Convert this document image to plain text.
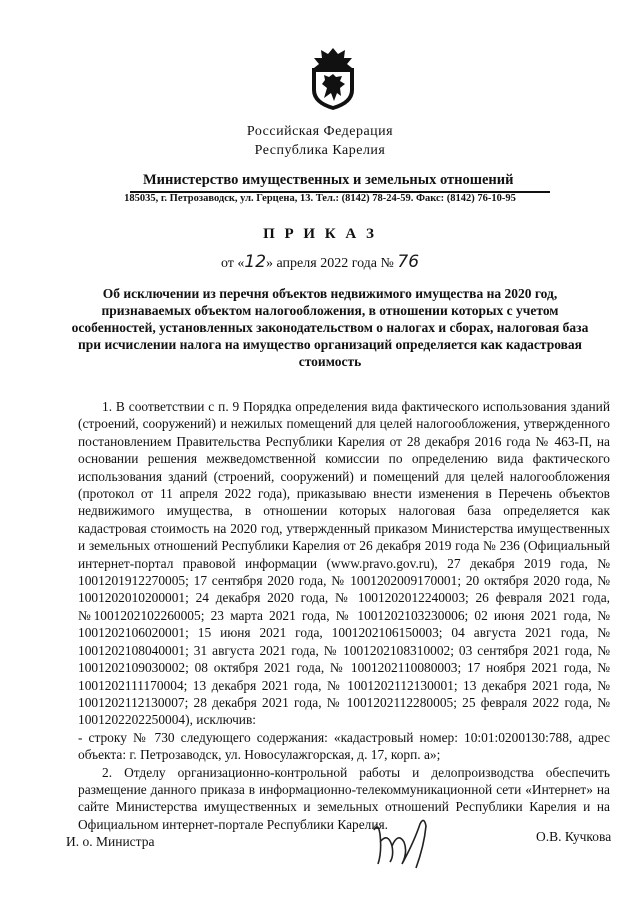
Российская Федерация
Республика Карелия
Министерство имущественных и земельных отношений
185035, г. Петрозаводск, ул. Герцена, 13. Тел.: (8142) 78-24-59. Факс: (8142) 76-10-95
П Р И К А З
от «12» апреля 2022 года № 76
Об исключении из перечня объектов недвижимого имущества на 2020 год, признаваемых объектом налогообложения, в отношении которых с учетом особенностей, установленных законодательством о налогах и сборах, налоговая база при исчислении налога на имущество организаций определяется как кадастровая стоимость

1. В соответствии с п. 9 Порядка определения вида фактического использования зданий (строений, сооружений) и нежилых помещений для целей налогообложения, утвержденного постановлением Правительства Республики Карелия от 28 декабря 2016 года № 463-П, на основании решения межведомственной комиссии по определению вида фактического использования зданий (строений, сооружений) и помещений для целей налогообложения (протокол от 11 апреля 2022 года), приказываю внести изменения в Перечень объектов недвижимого имущества, в отношении которых налоговая база определяется как кадастровая стоимость на 2020 год, утвержденный приказом Министерства имущественных и земельных отношений Республики Карелия от 26 декабря 2019 года № 236 (Официальный интернет-портал правовой информации (www.pravo.gov.ru), 27 декабря 2019 года, № 1001201912270005; 17 сентября 2020 года, № 1001202009170001; 20 октября 2020 года, № 1001202010200001; 24 декабря 2020 года, № 1001202012240003; 26 февраля 2021 года, №1001202102260005; 23 марта 2021 года, № 1001202103230006; 02 июня 2021 года, № 1001202106020001; 15 июня 2021 года, 1001202106150003; 04 августа 2021 года, № 1001202108040001; 31 августа 2021 года, № 1001202108310002; 03 сентября 2021 года, № 1001202109030002; 08 октября 2021 года, № 1001202110080003; 17 ноября 2021 года, № 1001202111170004; 13 декабря 2021 года, № 1001202112130001; 13 декабря 2021 года, № 1001202112130007; 28 декабря 2021 года, № 1001202112280005; 25 февраля 2022 года, № 1001202202250004), исключив:

- строку № 730 следующего содержания: «кадастровый номер: 10:01:0200130:788, адрес объекта: г. Петрозаводск, ул. Новосулажгорская, д. 17, корп. а»;

2. Отделу организационно-контрольной работы и делопроизводства обеспечить размещение данного приказа в информационно-телекоммуникационной сети «Интернет» на сайте Министерства имущественных и земельных отношений Республики Карелия и на Официальном интернет-портале Республики Карелия.

И. о. Министра	О.В. Кучкова
